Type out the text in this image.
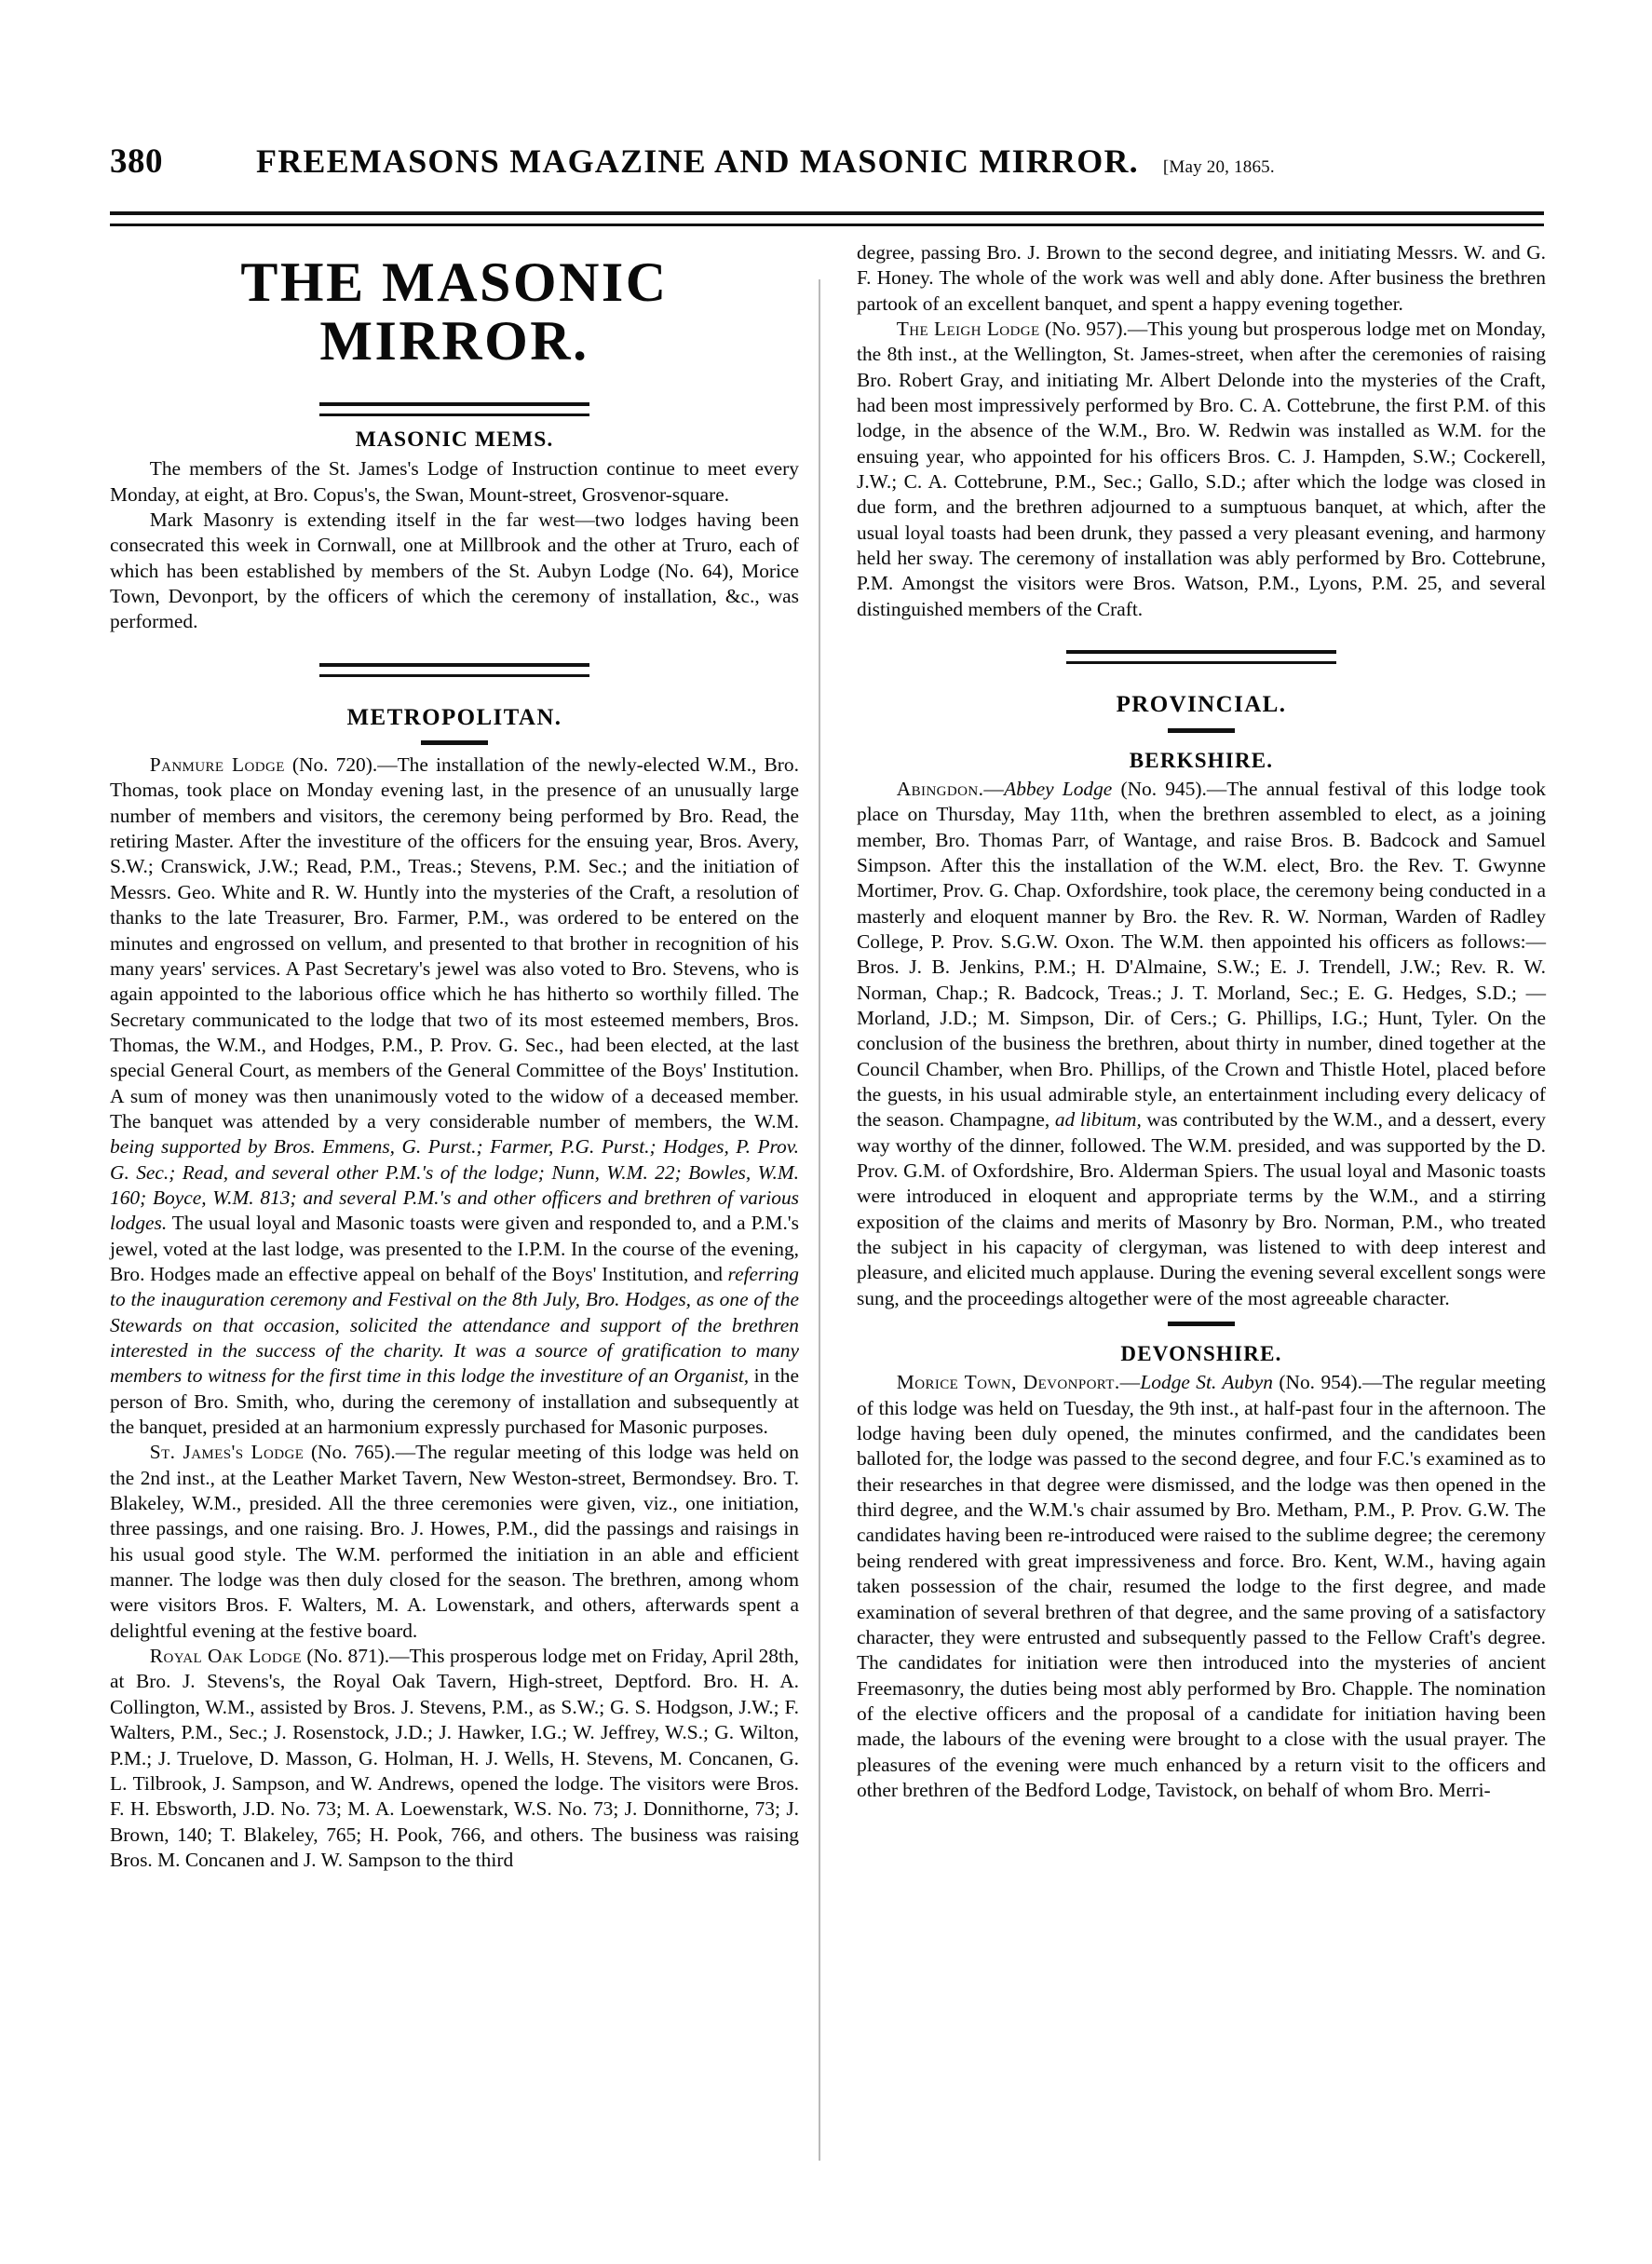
380	FREEMASONS MAGAZINE AND MASONIC MIRROR. [May 20, 1865.
THE MASONIC MIRROR.
MASONIC MEMS.

The members of the St. James's Lodge of Instruction continue to meet every Monday, at eight, at Bro. Copus's, the Swan, Mount-street, Grosvenor-square.

Mark Masonry is extending itself in the far west—two lodges having been consecrated this week in Cornwall, one at Millbrook and the other at Truro, each of which has been established by members of the St. Aubyn Lodge (No. 64), Morice Town, Devonport, by the officers of which the ceremony of installation, &c., was performed.

METROPOLITAN.

Panmure Lodge (No. 720).—The installation of the newly-elected W.M., Bro. Thomas, took place on Monday evening last, in the presence of an unusually large number of members and visitors, the ceremony being performed by Bro. Read, the retiring Master. After the investiture of the officers for the ensuing year, Bros. Avery, S.W.; Cranswick, J.W.; Read, P.M., Treas.; Stevens, P.M. Sec.; and the initiation of Messrs. Geo. White and R. W. Huntly into the mysteries of the Craft, a resolution of thanks to the late Treasurer, Bro. Farmer, P.M., was ordered to be entered on the minutes and engrossed on vellum, and presented to that brother in recognition of his many years' services. A Past Secretary's jewel was also voted to Bro. Stevens, who is again appointed to the laborious office which he has hitherto so worthily filled. The Secretary communicated to the lodge that two of its most esteemed members, Bros. Thomas, the W.M., and Hodges, P.M., P. Prov. G. Sec., had been elected, at the last special General Court, as members of the General Committee of the Boys' Institution. A sum of money was then unanimously voted to the widow of a deceased member. The banquet was attended by a very considerable number of members, the W.M. being supported by Bros. Emmens, G. Purst.; Farmer, P.G. Purst.; Hodges, P. Prov. G. Sec.; Read, and several other P.M.'s of the lodge; Nunn, W.M. 22; Bowles, W.M. 160; Boyce, W.M. 813; and several P.M.'s and other officers and brethren of various lodges. The usual loyal and Masonic toasts were given and responded to, and a P.M.'s jewel, voted at the last lodge, was presented to the I.P.M. In the course of the evening, Bro. Hodges made an effective appeal on behalf of the Boys' Institution, and referring to the inauguration ceremony and Festival on the 8th July, Bro. Hodges, as one of the Stewards on that occasion, solicited the attendance and support of the brethren interested in the success of the charity. It was a source of gratification to many members to witness for the first time in this lodge the investiture of an Organist, in the person of Bro. Smith, who, during the ceremony of installation and subsequently at the banquet, presided at an harmonium expressly purchased for Masonic purposes.

St. James's Lodge (No. 765).—The regular meeting of this lodge was held on the 2nd inst., at the Leather Market Tavern, New Weston-street, Bermondsey. Bro. T. Blakeley, W.M., presided. All the three ceremonies were given, viz., one initiation, three passings, and one raising. Bro. J. Howes, P.M., did the passings and raisings in his usual good style. The W.M. performed the initiation in an able and efficient manner. The lodge was then duly closed for the season. The brethren, among whom were visitors Bros. F. Walters, M. A. Lowenstark, and others, afterwards spent a delightful evening at the festive board.

Royal Oak Lodge (No. 871).—This prosperous lodge met on Friday, April 28th, at Bro. J. Stevens's, the Royal Oak Tavern, High-street, Deptford. Bro. H. A. Collington, W.M., assisted by Bros. J. Stevens, P.M., as S.W.; G. S. Hodgson, J.W.; F. Walters, P.M., Sec.; J. Rosenstock, J.D.; J. Hawker, I.G.; W. Jeffrey, W.S.; G. Wilton, P.M.; J. Truelove, D. Masson, G. Holman, H. J. Wells, H. Stevens, M. Concanen, G. L. Tilbrook, J. Sampson, and W. Andrews, opened the lodge. The visitors were Bros. F. H. Ebsworth, J.D. No. 73; M. A. Loewenstark, W.S. No. 73; J. Donnithorne, 73; J. Brown, 140; T. Blakeley, 765; H. Pook, 766, and others. The business was raising Bros. M. Concanen and J. W. Sampson to the third

degree, passing Bro. J. Brown to the second degree, and initiating Messrs. W. and G. F. Honey. The whole of the work was well and ably done. After business the brethren partook of an excellent banquet, and spent a happy evening together.

The Leigh Lodge (No. 957).—This young but prosperous lodge met on Monday, the 8th inst., at the Wellington, St. James-street, when after the ceremonies of raising Bro. Robert Gray, and initiating Mr. Albert Delonde into the mysteries of the Craft, had been most impressively performed by Bro. C. A. Cottebrune, the first P.M. of this lodge, in the absence of the W.M., Bro. W. Redwin was installed as W.M. for the ensuing year, who appointed for his officers Bros. C. J. Hampden, S.W.; Cockerell, J.W.; C. A. Cottebrune, P.M., Sec.; Gallo, S.D.; after which the lodge was closed in due form, and the brethren adjourned to a sumptuous banquet, at which, after the usual loyal toasts had been drunk, they passed a very pleasant evening, and harmony held her sway. The ceremony of installation was ably performed by Bro. Cottebrune, P.M. Amongst the visitors were Bros. Watson, P.M., Lyons, P.M. 25, and several distinguished members of the Craft.

PROVINCIAL.
BERKSHIRE.

Abingdon.—Abbey Lodge (No. 945).—The annual festival of this lodge took place on Thursday, May 11th, when the brethren assembled to elect, as a joining member, Bro. Thomas Parr, of Wantage, and raise Bros. B. Badcock and Samuel Simpson. After this the installation of the W.M. elect, Bro. the Rev. T. Gwynne Mortimer, Prov. G. Chap. Oxfordshire, took place, the ceremony being conducted in a masterly and eloquent manner by Bro. the Rev. R. W. Norman, Warden of Radley College, P. Prov. S.G.W. Oxon. The W.M. then appointed his officers as follows:—Bros. J. B. Jenkins, P.M.; H. D'Almaine, S.W.; E. J. Trendell, J.W.; Rev. R. W. Norman, Chap.; R. Badcock, Treas.; J. T. Morland, Sec.; E. G. Hedges, S.D.; — Morland, J.D.; M. Simpson, Dir. of Cers.; G. Phillips, I.G.; Hunt, Tyler. On the conclusion of the business the brethren, about thirty in number, dined together at the Council Chamber, when Bro. Phillips, of the Crown and Thistle Hotel, placed before the guests, in his usual admirable style, an entertainment including every delicacy of the season. Champagne, ad libitum, was contributed by the W.M., and a dessert, every way worthy of the dinner, followed. The W.M. presided, and was supported by the D. Prov. G.M. of Oxfordshire, Bro. Alderman Spiers. The usual loyal and Masonic toasts were introduced in eloquent and appropriate terms by the W.M., and a stirring exposition of the claims and merits of Masonry by Bro. Norman, P.M., who treated the subject in his capacity of clergyman, was listened to with deep interest and pleasure, and elicited much applause. During the evening several excellent songs were sung, and the proceedings altogether were of the most agreeable character.

DEVONSHIRE.

Morice Town, Devonport.—Lodge St. Aubyn (No. 954).—The regular meeting of this lodge was held on Tuesday, the 9th inst., at half-past four in the afternoon. The lodge having been duly opened, the minutes confirmed, and the candidates been balloted for, the lodge was passed to the second degree, and four F.C.'s examined as to their researches in that degree were dismissed, and the lodge was then opened in the third degree, and the W.M.'s chair assumed by Bro. Metham, P.M., P. Prov. G.W. The candidates having been re-introduced were raised to the sublime degree; the ceremony being rendered with great impressiveness and force. Bro. Kent, W.M., having again taken possession of the chair, resumed the lodge to the first degree, and made examination of several brethren of that degree, and the same proving of a satisfactory character, they were entrusted and subsequently passed to the Fellow Craft's degree. The candidates for initiation were then introduced into the mysteries of ancient Freemasonry, the duties being most ably performed by Bro. Chapple. The nomination of the elective officers and the proposal of a candidate for initiation having been made, the labours of the evening were brought to a close with the usual prayer. The pleasures of the evening were much enhanced by a return visit to the officers and other brethren of the Bedford Lodge, Tavistock, on behalf of whom Bro. Merri-
